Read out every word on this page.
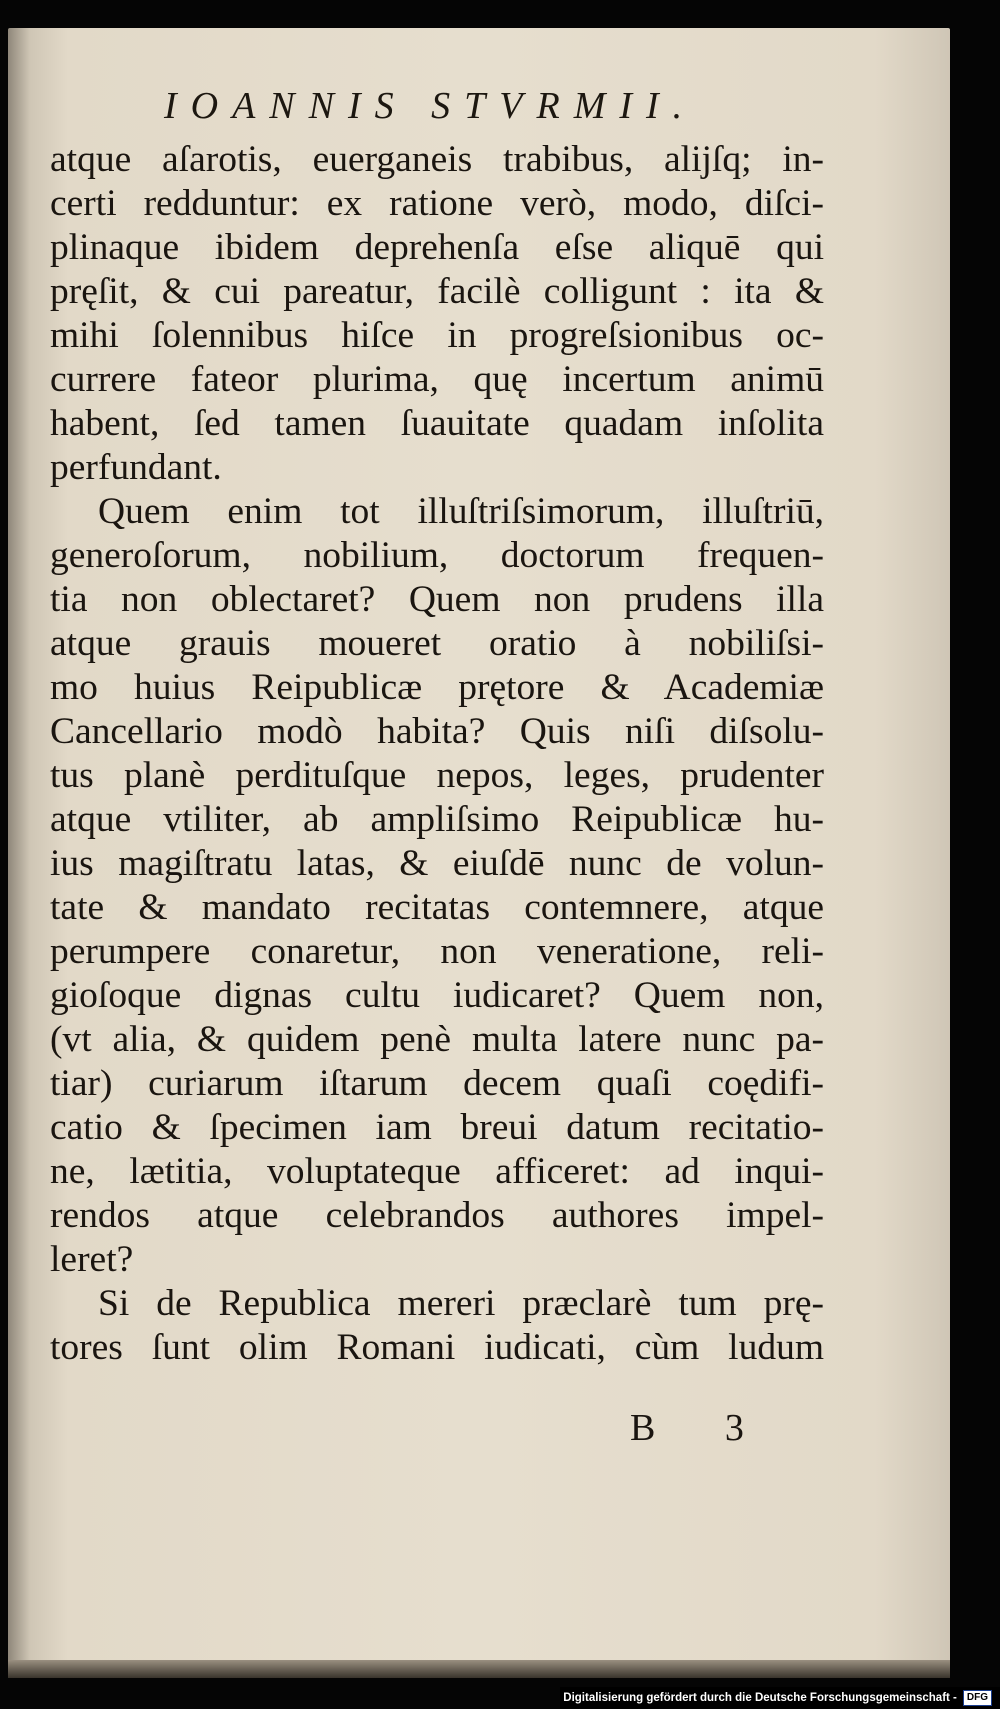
IOANNIS STVRMII.
atque aſarotis, euerganeis trabibus, alijſq; in-
certi redduntur: ex ratione verò, modo, diſci-
plinaque ibidem deprehenſa eſse aliquē qui
pręſit, & cui pareatur, facilè colligunt : ita &
mihi ſolennibus hiſce in progreſsionibus oc-
currere fateor plurima, quę incertum animū
habent, ſed tamen ſuauitate quadam inſolita
perfundant.
Quem enim tot illuſtriſsimorum, illuſtriū,
generoſorum, nobilium, doctorum frequen-
tia non oblectaret? Quem non prudens illa
atque grauis moueret oratio à nobiliſsi-
mo huius Reipublicæ prętore & Academiæ
Cancellario modò habita? Quis niſi diſsolu-
tus planè perdituſque nepos, leges, prudenter
atque vtiliter, ab ampliſsimo Reipublicæ hu-
ius magiſtratu latas, & eiuſdē nunc de volun-
tate & mandato recitatas contemnere, atque
perumpere conaretur, non veneratione, reli-
gioſoque dignas cultu iudicaret? Quem non,
(vt alia, & quidem penè multa latere nunc pa-
tiar) curiarum iſtarum decem quaſi coędifi-
catio & ſpecimen iam breui datum recitatio-
ne, lætitia, voluptateque afficeret: ad inqui-
rendos atque celebrandos authores impel-
leret?
Si de Republica mereri præclarè tum prę-
tores ſunt olim Romani iudicati, cùm ludum
B 3
Digitalisierung gefördert durch die Deutsche Forschungsgemeinschaft -	DFG
